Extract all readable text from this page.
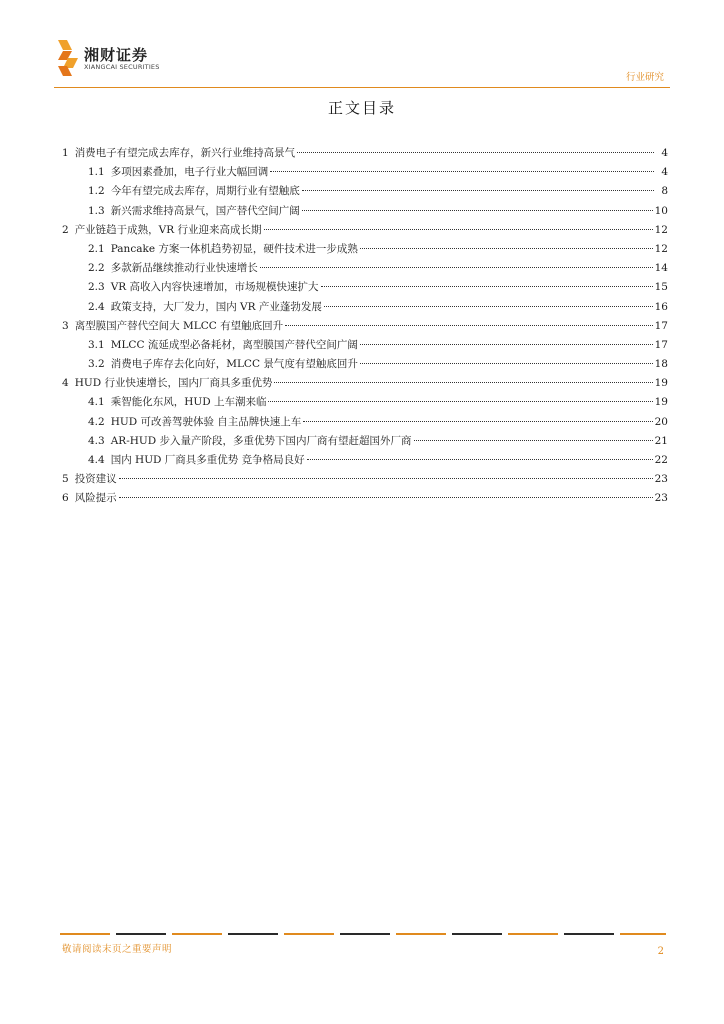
湘财证券
XIANGCAI SECURITIES
行业研究
正文目录
1 消费电子有望完成去库存，新兴行业维持高景气	4
1.1 多项因素叠加，电子行业大幅回调	4
1.2 今年有望完成去库存，周期行业有望触底	8
1.3 新兴需求维持高景气，国产替代空间广阔	10
2 产业链趋于成熟，VR 行业迎来高成长期	12
2.1 Pancake 方案一体机趋势初显，硬件技术进一步成熟	12
2.2 多款新品继续推动行业快速增长	14
2.3 VR 高收入内容快速增加，市场规模快速扩大	15
2.4 政策支持，大厂发力，国内 VR 产业蓬勃发展	16
3 离型膜国产替代空间大 MLCC 有望触底回升	17
3.1 MLCC 流延成型必备耗材，离型膜国产替代空间广阔	17
3.2 消费电子库存去化向好，MLCC 景气度有望触底回升	18
4 HUD 行业快速增长，国内厂商具多重优势	19
4.1 乘智能化东风，HUD 上车潮来临	19
4.2 HUD 可改善驾驶体验 自主品牌快速上车	20
4.3 AR-HUD 步入量产阶段，多重优势下国内厂商有望赶超国外厂商	21
4.4 国内 HUD 厂商具多重优势 竞争格局良好	22
5 投资建议	23
6 风险提示	23
敬请阅读末页之重要声明	2
